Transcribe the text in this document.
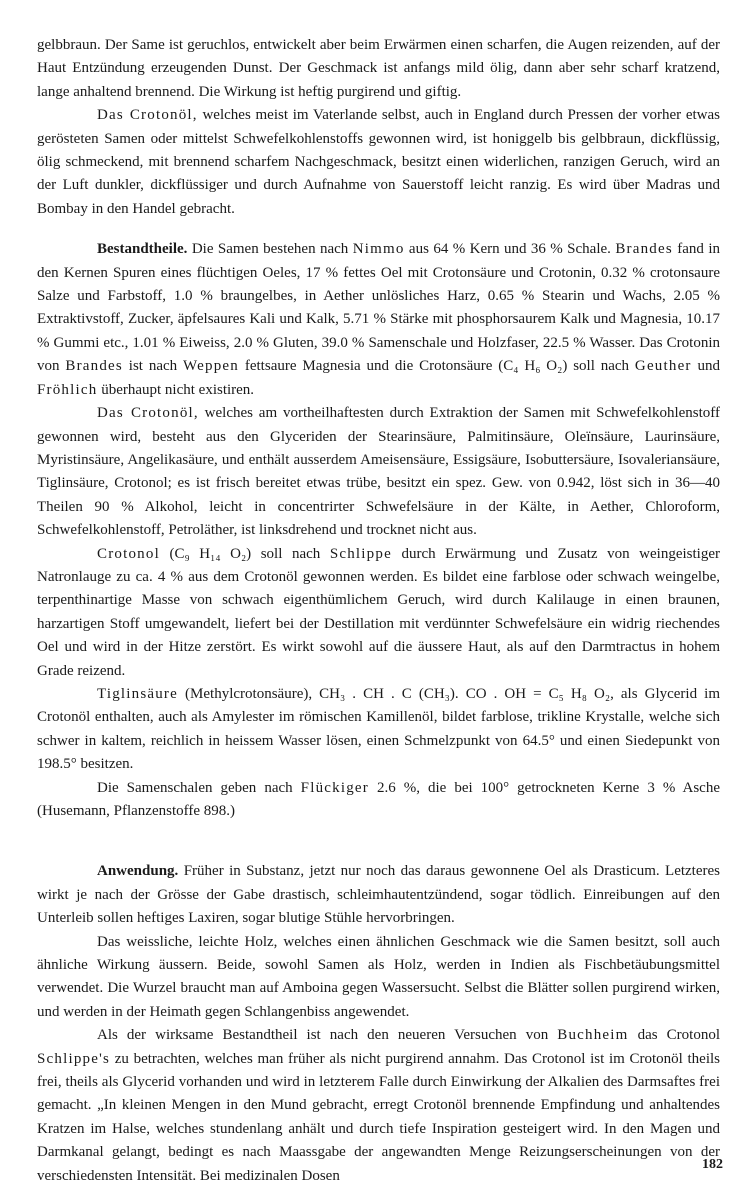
gelbbraun. Der Same ist geruchlos, entwickelt aber beim Erwärmen einen scharfen, die Augen reizenden, auf der Haut Entzündung erzeugenden Dunst. Der Geschmack ist anfangs mild ölig, dann aber sehr scharf kratzend, lange anhaltend brennend. Die Wirkung ist heftig purgirend und giftig.

Das Crotonöl, welches meist im Vaterlande selbst, auch in England durch Pressen der vorher etwas gerösteten Samen oder mittelst Schwefelkohlenstoffs gewonnen wird, ist honiggelb bis gelbbraun, dickflüssig, ölig schmeckend, mit brennend scharfem Nachgeschmack, besitzt einen widerlichen, ranzigen Geruch, wird an der Luft dunkler, dickflüssiger und durch Aufnahme von Sauerstoff leicht ranzig. Es wird über Madras und Bombay in den Handel gebracht.

Bestandtheile. Die Samen bestehen nach Nimmo aus 64 % Kern und 36 % Schale. Brandes fand in den Kernen Spuren eines flüchtigen Oeles, 17 % fettes Oel mit Crotonsäure und Crotonin, 0.32 % crotonsaure Salze und Farbstoff, 1.0 % braungelbes, in Aether unlösliches Harz, 0.65 % Stearin und Wachs, 2.05 % Extraktivstoff, Zucker, äpfelsaures Kali und Kalk, 5.71 % Stärke mit phosphorsaurem Kalk und Magnesia, 10.17 % Gummi etc., 1.01 % Eiweiss, 2.0 % Gluten, 39.0 % Samenschale und Holzfaser, 22.5 % Wasser. Das Crotonin von Brandes ist nach Weppen fettsaure Magnesia und die Crotonsäure (C₄ H₆ O₂) soll nach Geuther und Fröhlich überhaupt nicht existiren.

Das Crotonöl, welches am vortheilhaftesten durch Extraktion der Samen mit Schwefelkohlenstoff gewonnen wird, besteht aus den Glyceriden der Stearinsäure, Palmitinsäure, Oleïnsäure, Laurinsäure, Myristinsäure, Angelikasäure, und enthält ausserdem Ameisensäure, Essigsäure, Isobuttersäure, Isovaleriansäure, Tiglinsäure, Crotonol; es ist frisch bereitet etwas trübe, besitzt ein spez. Gew. von 0.942, löst sich in 36—40 Theilen 90 % Alkohol, leicht in concentrirter Schwefelsäure in der Kälte, in Aether, Chloroform, Schwefelkohlenstoff, Petroläther, ist linksdrehend und trocknet nicht aus.

Crotonol (C₉ H₁₄ O₂) soll nach Schlippe durch Erwärmung und Zusatz von weingeistiger Natronlauge zu ca. 4 % aus dem Crotonöl gewonnen werden. Es bildet eine farblose oder schwach weingelbe, terpenthinartige Masse von schwach eigenthümlichem Geruch, wird durch Kalilauge in einen braunen, harzartigen Stoff umgewandelt, liefert bei der Destillation mit verdünnter Schwefelsäure ein widrig riechendes Oel und wird in der Hitze zerstört. Es wirkt sowohl auf die äussere Haut, als auf den Darmtractus in hohem Grade reizend.

Tiglinsäure (Methylcrotonsäure), CH₃ . CH . C (CH₃). CO . OH = C₅ H₈ O₂, als Glycerid im Crotonöl enthalten, auch als Amylester im römischen Kamillenöl, bildet farblose, trikline Krystalle, welche sich schwer in kaltem, reichlich in heissem Wasser lösen, einen Schmelzpunkt von 64.5° und einen Siedepunkt von 198.5° besitzen.

Die Samenschalen geben nach Flückiger 2.6 %, die bei 100° getrockneten Kerne 3 % Asche (Husemann, Pflanzenstoffe 898.)

Anwendung. Früher in Substanz, jetzt nur noch das daraus gewonnene Oel als Drasticum. Letzteres wirkt je nach der Grösse der Gabe drastisch, schleimhautentzündend, sogar tödlich. Einreibungen auf den Unterleib sollen heftiges Laxiren, sogar blutige Stühle hervorbringen.

Das weissliche, leichte Holz, welches einen ähnlichen Geschmack wie die Samen besitzt, soll auch ähnliche Wirkung äussern. Beide, sowohl Samen als Holz, werden in Indien als Fischbetäubungsmittel verwendet. Die Wurzel braucht man auf Amboina gegen Wassersucht. Selbst die Blätter sollen purgirend wirken, und werden in der Heimath gegen Schlangenbiss angewendet.

Als der wirksame Bestandtheil ist nach den neueren Versuchen von Buchheim das Crotonol Schlippe's zu betrachten, welches man früher als nicht purgirend annahm. Das Crotonol ist im Crotonöl theils frei, theils als Glycerid vorhanden und wird in letzterem Falle durch Einwirkung der Alkalien des Darmsaftes frei gemacht. „In kleinen Mengen in den Mund gebracht, erregt Crotonöl brennende Empfindung und anhaltendes Kratzen im Halse, welches stundenlang anhält und durch tiefe Inspiration gesteigert wird. In den Magen und Darmkanal gelangt, bedingt es nach Maassgabe der angewandten Menge Reizungserscheinungen von der verschiedensten Intensität. Bei medizinalen Dosen

182
